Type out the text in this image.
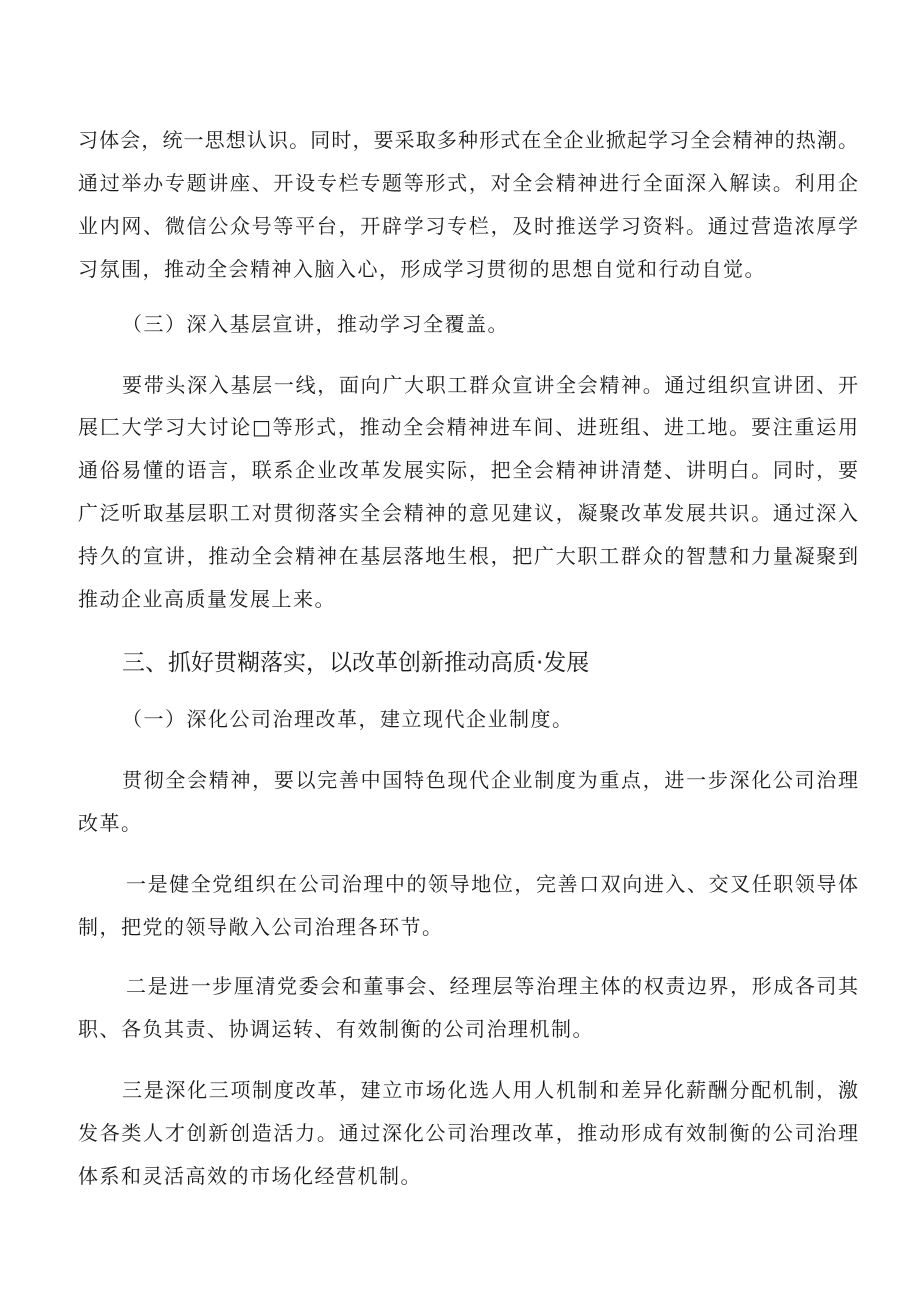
习体会，统一思想认识。同时，要采取多种形式在全企业掀起学习全会精神的热潮。
通过举办专题讲座、开设专栏专题等形式，对全会精神进行全面深入解读。利用企
业内网、微信公众号等平台，开辟学习专栏，及时推送学习资料。通过营造浓厚学
习氛围，推动全会精神入脑入心，形成学习贯彻的思想自觉和行动自觉。
（三）深入基层宣讲，推动学习全覆盖。
要带头深入基层一线，面向广大职工群众宣讲全会精神。通过组织宣讲团、开
展匚大学习大讨论□等形式，推动全会精神进车间、进班组、进工地。要注重运用
通俗易懂的语言，联系企业改革发展实际，把全会精神讲清楚、讲明白。同时，要
广泛听取基层职工对贯彻落实全会精神的意见建议，凝聚改革发展共识。通过深入
持久的宣讲，推动全会精神在基层落地生根，把广大职工群众的智慧和力量凝聚到
推动企业高质量发展上来。
三、抓好贯糊落实，以改革创新推动高质·发展
（一）深化公司治理改革，建立现代企业制度。
贯彻全会精神，要以完善中国特色现代企业制度为重点，进一步深化公司治理
改革。
一是健全党组织在公司治理中的领导地位，完善口双向进入、交叉任职领导体
制，把党的领导敞入公司治理各环节。
二是进一步厘清党委会和董事会、经理层等治理主体的权责边界，形成各司其
职、各负其责、协调运转、有效制衡的公司治理机制。
三是深化三项制度改革，建立市场化选人用人机制和差异化薪酬分配机制，激
发各类人才创新创造活力。通过深化公司治理改革，推动形成有效制衡的公司治理
体系和灵活高效的市场化经营机制。
